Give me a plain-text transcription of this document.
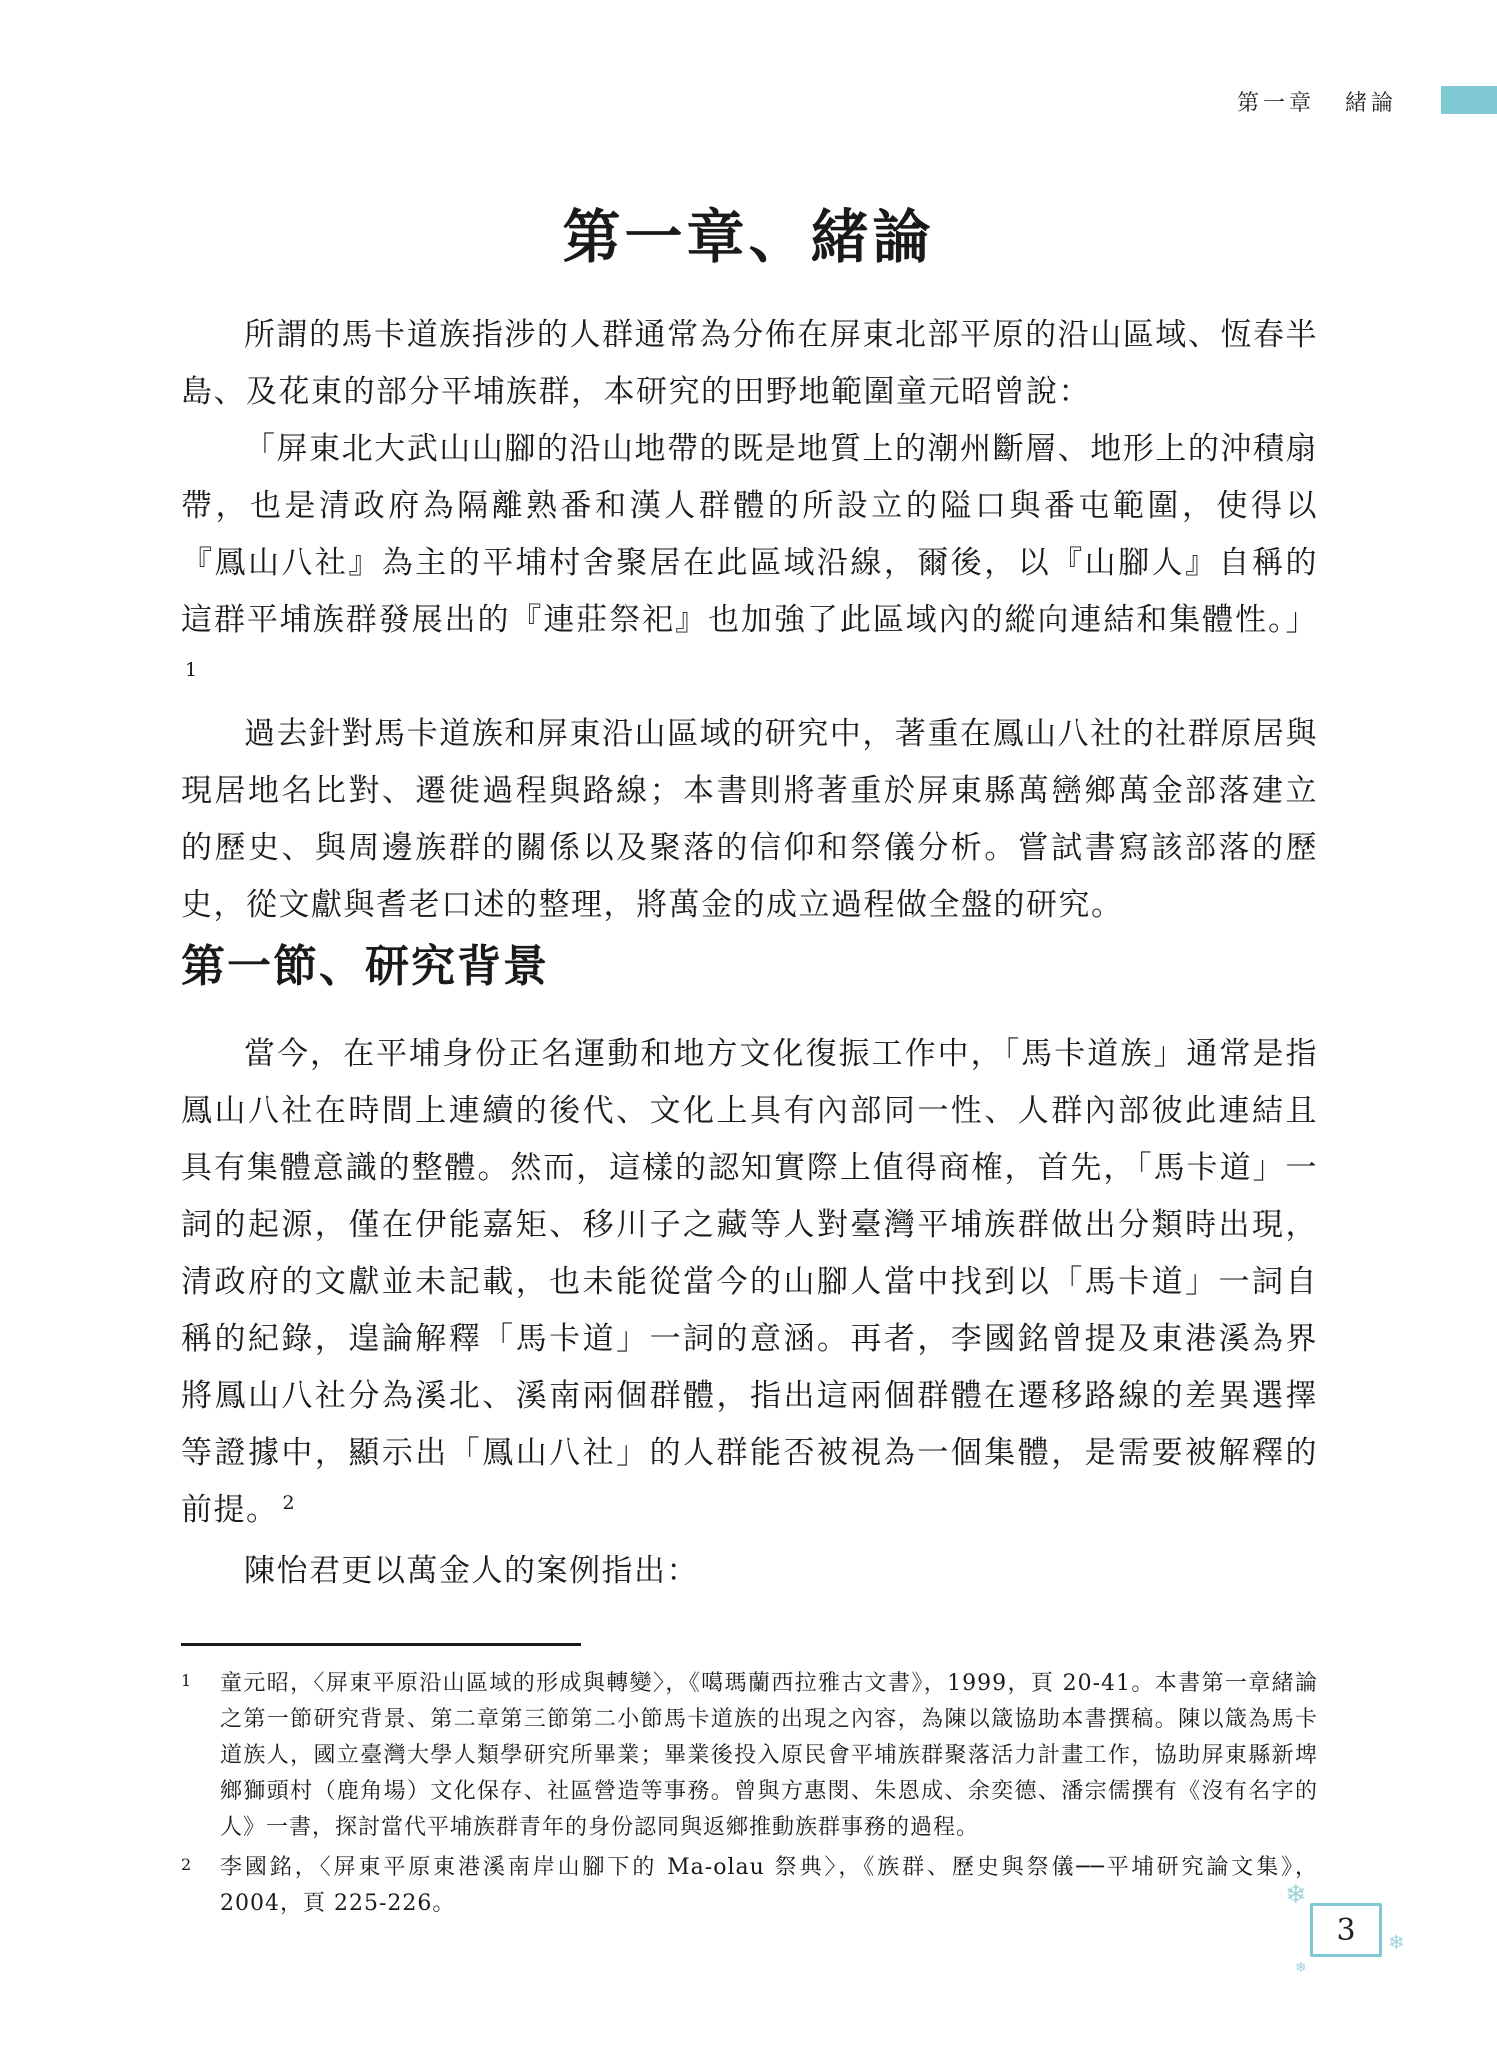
第一章 緒論
第一章、緒論

所謂的馬卡道族指涉的人群通常為分佈在屏東北部平原的沿山區域、恆春半島、及花東的部分平埔族群，本研究的田野地範圍童元昭曾說：

「屏東北大武山山腳的沿山地帶的既是地質上的潮州斷層、地形上的沖積扇帶，也是清政府為隔離熟番和漢人群體的所設立的隘口與番屯範圍，使得以『鳳山八社』為主的平埔村舍聚居在此區域沿線，爾後，以『山腳人』自稱的這群平埔族群發展出的『連莊祭祀』也加強了此區域內的縱向連結和集體性。」$^1$

過去針對馬卡道族和屏東沿山區域的研究中，著重在鳳山八社的社群原居與現居地名比對、遷徙過程與路線；本書則將著重於屏東縣萬巒鄉萬金部落建立的歷史、與周邊族群的關係以及聚落的信仰和祭儀分析。嘗試書寫該部落的歷史，從文獻與耆老口述的整理，將萬金的成立過程做全盤的研究。

第一節、研究背景

當今，在平埔身份正名運動和地方文化復振工作中，「馬卡道族」通常是指鳳山八社在時間上連續的後代、文化上具有內部同一性、人群內部彼此連結且具有集體意識的整體。然而，這樣的認知實際上值得商榷，首先，「馬卡道」一詞的起源，僅在伊能嘉矩、移川子之藏等人對臺灣平埔族群做出分類時出現，清政府的文獻並未記載，也未能從當今的山腳人當中找到以「馬卡道」一詞自稱的紀錄，遑論解釋「馬卡道」一詞的意涵。再者，李國銘曾提及東港溪為界將鳳山八社分為溪北、溪南兩個群體，指出這兩個群體在遷移路線的差異選擇等證據中，顯示出「鳳山八社」的人群能否被視為一個集體，是需要被解釋的前提。 $^2$

陳怡君更以萬金人的案例指出：

1	童元昭，〈屏東平原沿山區域的形成與轉變〉，《噶瑪蘭西拉雅古文書》，1999，頁 20-41。本書第一章緒論之第一節研究背景、第二章第三節第二小節馬卡道族的出現之內容，為陳以箴協助本書撰稿。陳以箴為馬卡道族人，國立臺灣大學人類學研究所畢業；畢業後投入原民會平埔族群聚落活力計畫工作，協助屏東縣新埤鄉獅頭村（鹿角場）文化保存、社區營造等事務。曾與方惠閔、朱恩成、余奕德、潘宗儒撰有《沒有名字的人》一書，探討當代平埔族群青年的身份認同與返鄉推動族群事務的過程。
2	李國銘，〈屏東平原東港溪南岸山腳下的 Ma-olau 祭典〉，《族群、歷史與祭儀──平埔研究論文集》，2004，頁 225-226。	❄
❄
❄
3
